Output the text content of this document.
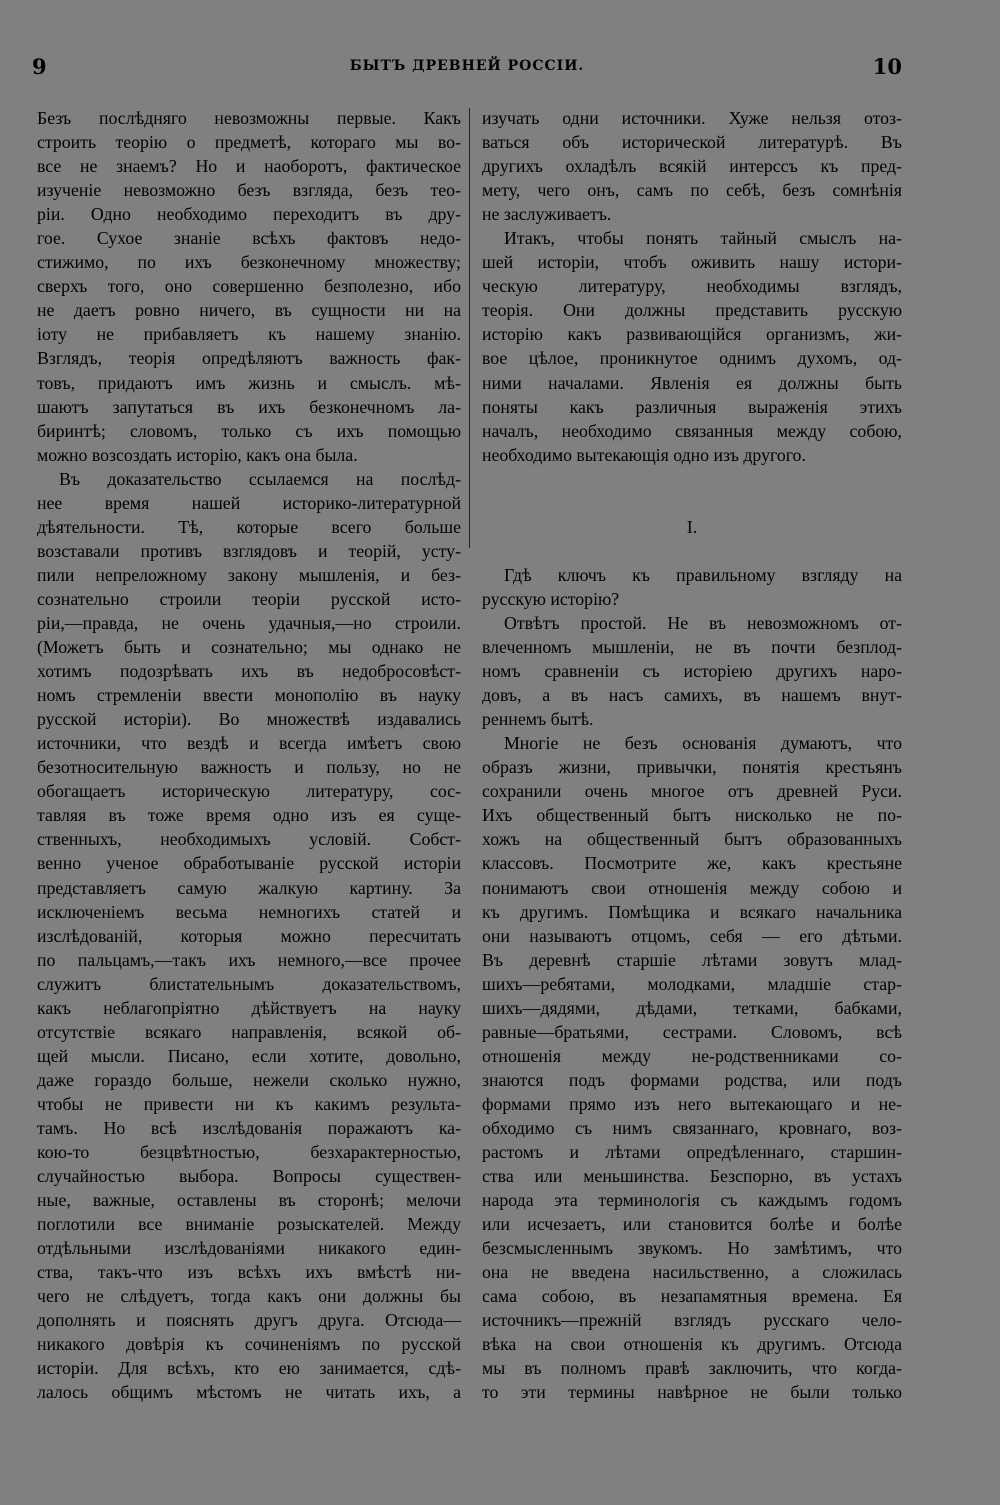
9	БЫТЪ ДРЕВНЕЙ РОССІИ.	10
Безъ послѣдняго невозможны первые. Какъ
строить теорію о предметѣ, котораго мы во-
все не знаемъ? Но и наоборотъ, фактическое
изученіе невозможно безъ взгляда, безъ тео-
ріи. Одно необходимо переходитъ въ дру-
гое. Сухое знаніе всѣхъ фактовъ недо-
стижимо, по ихъ безконечному множеству;
сверхъ того, оно совершенно безполезно, ибо
не даетъ ровно ничего, въ сущности ни на
іоту не прибавляетъ къ нашему знанію.
Взглядъ, теорія опредѣляютъ важность фак-
товъ, придаютъ имъ жизнь и смыслъ. мѣ-
шаютъ запутаться въ ихъ безконечномъ ла-
биринтѣ; словомъ, только съ ихъ помощью
можно возсоздать исторію, какъ она была.
Въ доказательство ссылаемся на послѣд-
нее время нашей историко-литературной
дѣятельности. Тѣ, которые всего больше
возставали противъ взглядовъ и теорій, усту-
пили непреложному закону мышленія, и без-
сознательно строили теоріи русской исто-
ріи,—правда, не очень удачныя,—но строили.
(Можетъ быть и сознательно; мы однако не
хотимъ подозрѣвать ихъ въ недобросовѣст-
номъ стремленіи ввести монополію въ науку
русской исторіи). Во множествѣ издавались
источники, что вездѣ и всегда имѣетъ свою
безотносительную важность и пользу, но не
обогащаетъ историческую литературу, сос-
тавляя въ тоже время одно изъ ея суще-
ственныхъ, необходимыхъ условій. Собст-
венно ученое обработываніе русской исторіи
представляетъ самую жалкую картину. За
исключеніемъ весьма немногихъ статей и
изслѣдованій, которыя можно пересчитать
по пальцамъ,—такъ ихъ немного,—все прочее
служитъ блистательнымъ доказательствомъ,
какъ неблагопріятно дѣйствуетъ на науку
отсутствіе всякаго направленія, всякой об-
щей мысли. Писано, если хотите, довольно,
даже гораздо больше, нежели сколько нужно,
чтобы не привести ни къ какимъ результа-
тамъ. Но всѣ изслѣдованія поражаютъ ка-
кою-то безцвѣтностью, безхарактерностью,
случайностью выбора. Вопросы существен-
ные, важные, оставлены въ сторонѣ; мелочи
поглотили все вниманіе розыскателей. Между
отдѣльными изслѣдованіями никакого един-
ства, такъ-что изъ всѣхъ ихъ вмѣстѣ ни-
чего не слѣдуетъ, тогда какъ они должны бы
дополнять и пояснять другъ друга. Отсюда—
никакого довѣрія къ сочиненіямъ по русской
исторіи. Для всѣхъ, кто ею занимается, сдѣ-
лалось общимъ мѣстомъ не читать ихъ, а
изучать одни источники. Хуже нельзя отоз-
ваться объ исторической литературѣ. Въ
другихъ охладѣлъ всякій интерссъ къ пред-
мету, чего онъ, самъ по себѣ, безъ сомнѣнія
не заслуживаетъ.
Итакъ, чтобы понять тайный смыслъ на-
шей исторіи, чтобъ оживить нашу истори-
ческую литературу, необходимы взглядъ,
теорія. Они должны представить русскую
исторію какъ развивающійся организмъ, жи-
вое цѣлое, проникнутое однимъ духомъ, од-
ними началами. Явленія ея должны быть
поняты какъ различныя выраженія этихъ
началъ, необходимо связанныя между собою,
необходимо вытекающія одно изъ другого.
I.
Гдѣ ключъ къ правильному взгляду на
русскую исторію?
Отвѣтъ простой. Не въ невозможномъ от-
влеченномъ мышленіи, не въ почти безплод-
номъ сравненіи съ исторіею другихъ наро-
довъ, а въ насъ самихъ, въ нашемъ внут-
реннемъ бытѣ.
Многіе не безъ основанія думаютъ, что
образъ жизни, привычки, понятія крестьянъ
сохранили очень многое отъ древней Руси.
Ихъ общественный бытъ нисколько не по-
хожъ на общественный бытъ образованныхъ
классовъ. Посмотрите же, какъ крестьяне
понимаютъ свои отношенія между собою и
къ другимъ. Помѣщика и всякаго начальника
они называютъ отцомъ, себя — его дѣтьми.
Въ деревнѣ старшіе лѣтами зовутъ млад-
шихъ—ребятами, молодками, младшіе стар-
шихъ—дядями, дѣдами, тетками, бабками,
равные—братьями, сестрами. Словомъ, всѣ
отношенія между не-родственниками со-
знаются подъ формами родства, или подъ
формами прямо изъ него вытекающаго и не-
обходимо съ нимъ связаннаго, кровнаго, воз-
растомъ и лѣтами опредѣленнаго, старшин-
ства или меньшинства. Безспорно, въ устахъ
народа эта терминологія съ каждымъ годомъ
или исчезаетъ, или становится болѣе и болѣе
безсмысленнымъ звукомъ. Но замѣтимъ, что
она не введена насильственно, а сложилась
сама собою, въ незапамятныя времена. Ея
источникъ—прежній взглядъ русскаго чело-
вѣка на свои отношенія къ другимъ. Отсюда
мы въ полномъ правѣ заключить, что когда-
то эти термины навѣрное не были только
